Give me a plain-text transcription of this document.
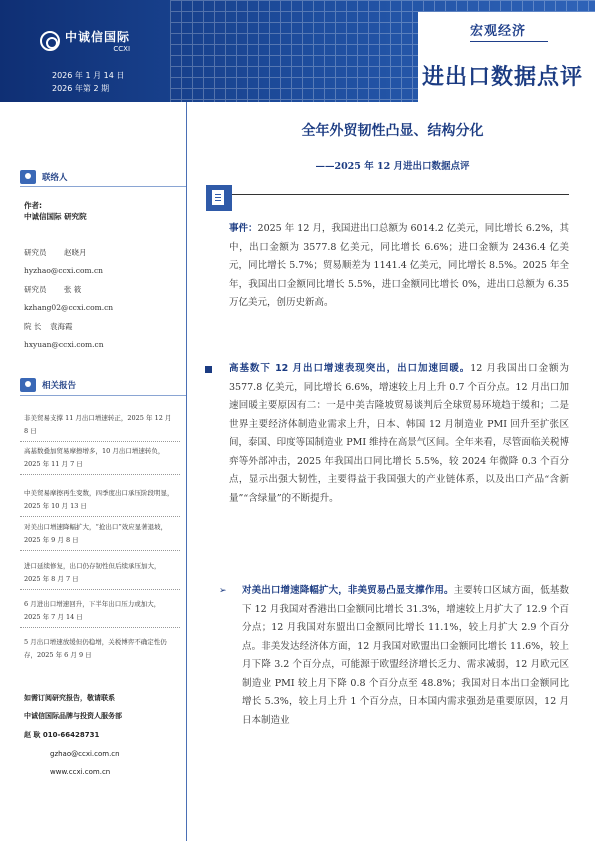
中诚信国际
CCXI
2026 年 1 月 14 日
2026 年第 2 期
宏观经济
进出口数据点评
全年外贸韧性凸显、结构分化
——2025 年 12 月进出口数据点评
联络人
作者:
中诚信国际 研究院
研究员 赵晓月
hyzhao@ccxi.com.cn
研究员 张 筱
kzhang02@ccxi.com.cn
院 长 袁海霞
hxyuan@ccxi.com.cn
相关报告
非美贸易支撑 11 月出口增速转正，2025 年 12 月 8 日
高基数叠加贸易摩擦增多，10 月出口增速转负，2025 年 11 月 7 日
中美贸易摩擦再生变数，四季度出口承压阶段明显，2025 年 10 月 13 日
对美出口增速降幅扩大，“抢出口”效应显著退坡，2025 年 9 月 8 日
进口延续修复，出口仍存韧性但后续承压加大，2025 年 8 月 7 日
6 月进出口增速回升，下半年出口压力或加大，2025 年 7 月 14 日
5 月出口增速放缓但仍稳增，关税博弈不确定性仍存，2025 年 6 月 9 日
如需订阅研究报告，敬请联系
中诚信国际品牌与投资人服务部
赵 耿 010-66428731
gzhao@ccxi.com.cn
www.ccxi.com.cn
事件：2025 年 12 月，我国进出口总额为 6014.2 亿美元，同比增长 6.2%，其中，出口金额为 3577.8 亿美元，同比增长 6.6%；进口金额为 2436.4 亿美元，同比增长 5.7%；贸易顺差为 1141.4 亿美元，同比增长 8.5%。2025 年全年，我国出口金额同比增长 5.5%，进口金额同比增长 0%，进出口总额为 6.35 万亿美元，创历史新高。
高基数下 12 月出口增速表现突出，出口加速回暖。12 月我国出口金额为 3577.8 亿美元，同比增长 6.6%，增速较上月上升 0.7 个百分点。12 月出口加速回暖主要原因有二：一是中美吉隆坡贸易谈判后全球贸易环境趋于缓和；二是世界主要经济体制造业需求上升，日本、韩国 12 月制造业 PMI 回升至扩张区间，泰国、印度等国制造业 PMI 维持在高景气区间。全年来看，尽管面临关税博弈等外部冲击，2025 年我国出口同比增长 5.5%，较 2024 年微降 0.3 个百分点，显示出强大韧性，主要得益于我国强大的产业链体系，以及出口产品“含新量”“含绿量”的不断提升。
➢ 对美出口增速降幅扩大，非美贸易凸显支撑作用。主要转口区域方面，低基数下 12 月我国对香港出口金额同比增长 31.3%，增速较上月扩大了 12.9 个百分点；12 月我国对东盟出口金额同比增长 11.1%，较上月扩大 2.9 个百分点。非美发达经济体方面，12 月我国对欧盟出口金额同比增长 11.6%，较上月下降 3.2 个百分点，可能源于欧盟经济增长乏力、需求减弱，12 月欧元区制造业 PMI 较上月下降 0.8 个百分点至 48.8%；我国对日本出口金额同比增长 5.3%，较上月上升 1 个百分点，日本国内需求强劲是重要原因，12 月日本制造业
